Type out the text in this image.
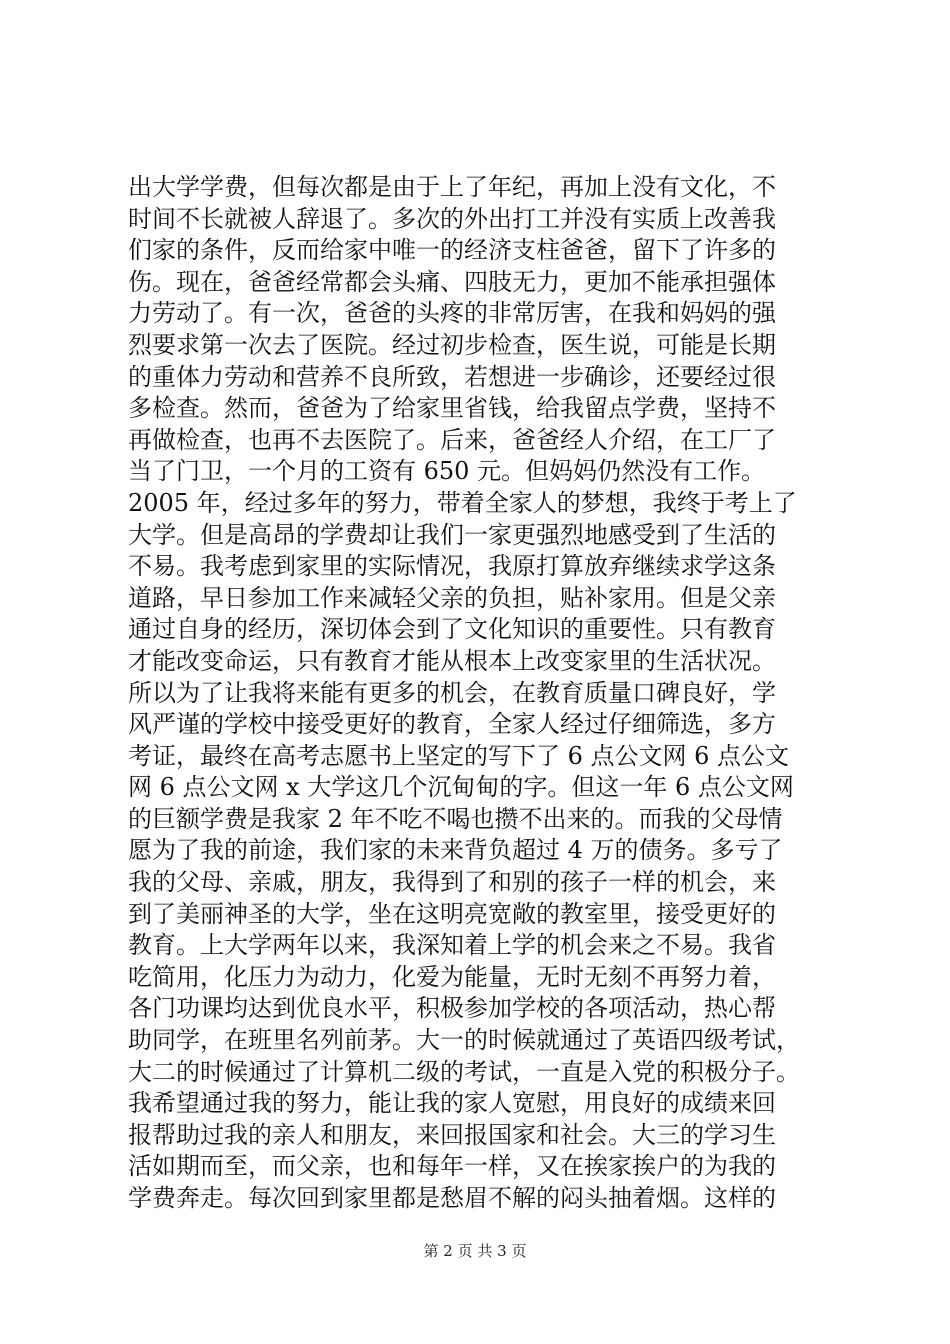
出大学学费，但每次都是由于上了年纪，再加上没有文化，不
时间不长就被人辞退了。多次的外出打工并没有实质上改善我
们家的条件，反而给家中唯一的经济支柱爸爸，留下了许多的
伤。现在，爸爸经常都会头痛、四肢无力，更加不能承担强体
力劳动了。有一次，爸爸的头疼的非常厉害，在我和妈妈的强
烈要求第一次去了医院。经过初步检查，医生说，可能是长期
的重体力劳动和营养不良所致，若想进一步确诊，还要经过很
多检查。然而，爸爸为了给家里省钱，给我留点学费，坚持不
再做检查，也再不去医院了。后来，爸爸经人介绍，在工厂了
当了门卫，一个月的工资有 650 元。但妈妈仍然没有工作。
2005 年，经过多年的努力，带着全家人的梦想，我终于考上了
大学。但是高昂的学费却让我们一家更强烈地感受到了生活的
不易。我考虑到家里的实际情况，我原打算放弃继续求学这条
道路，早日参加工作来减轻父亲的负担，贴补家用。但是父亲
通过自身的经历，深切体会到了文化知识的重要性。只有教育
才能改变命运，只有教育才能从根本上改变家里的生活状况。
所以为了让我将来能有更多的机会，在教育质量口碑良好，学
风严谨的学校中接受更好的教育，全家人经过仔细筛选，多方
考证，最终在高考志愿书上坚定的写下了 6 点公文网 6 点公文
网 6 点公文网 x 大学这几个沉甸甸的字。但这一年 6 点公文网
的巨额学费是我家 2 年不吃不喝也攒不出来的。而我的父母情
愿为了我的前途，我们家的未来背负超过 4 万的债务。多亏了
我的父母、亲戚，朋友，我得到了和别的孩子一样的机会，来
到了美丽神圣的大学，坐在这明亮宽敞的教室里，接受更好的
教育。上大学两年以来，我深知着上学的机会来之不易。我省
吃简用，化压力为动力，化爱为能量，无时无刻不再努力着，
各门功课均达到优良水平，积极参加学校的各项活动，热心帮
助同学，在班里名列前茅。大一的时候就通过了英语四级考试，
大二的时候通过了计算机二级的考试，一直是入党的积极分子。
我希望通过我的努力，能让我的家人宽慰，用良好的成绩来回
报帮助过我的亲人和朋友，来回报国家和社会。大三的学习生
活如期而至，而父亲，也和每年一样，又在挨家挨户的为我的
学费奔走。每次回到家里都是愁眉不解的闷头抽着烟。这样的
第 2 页 共 3 页
